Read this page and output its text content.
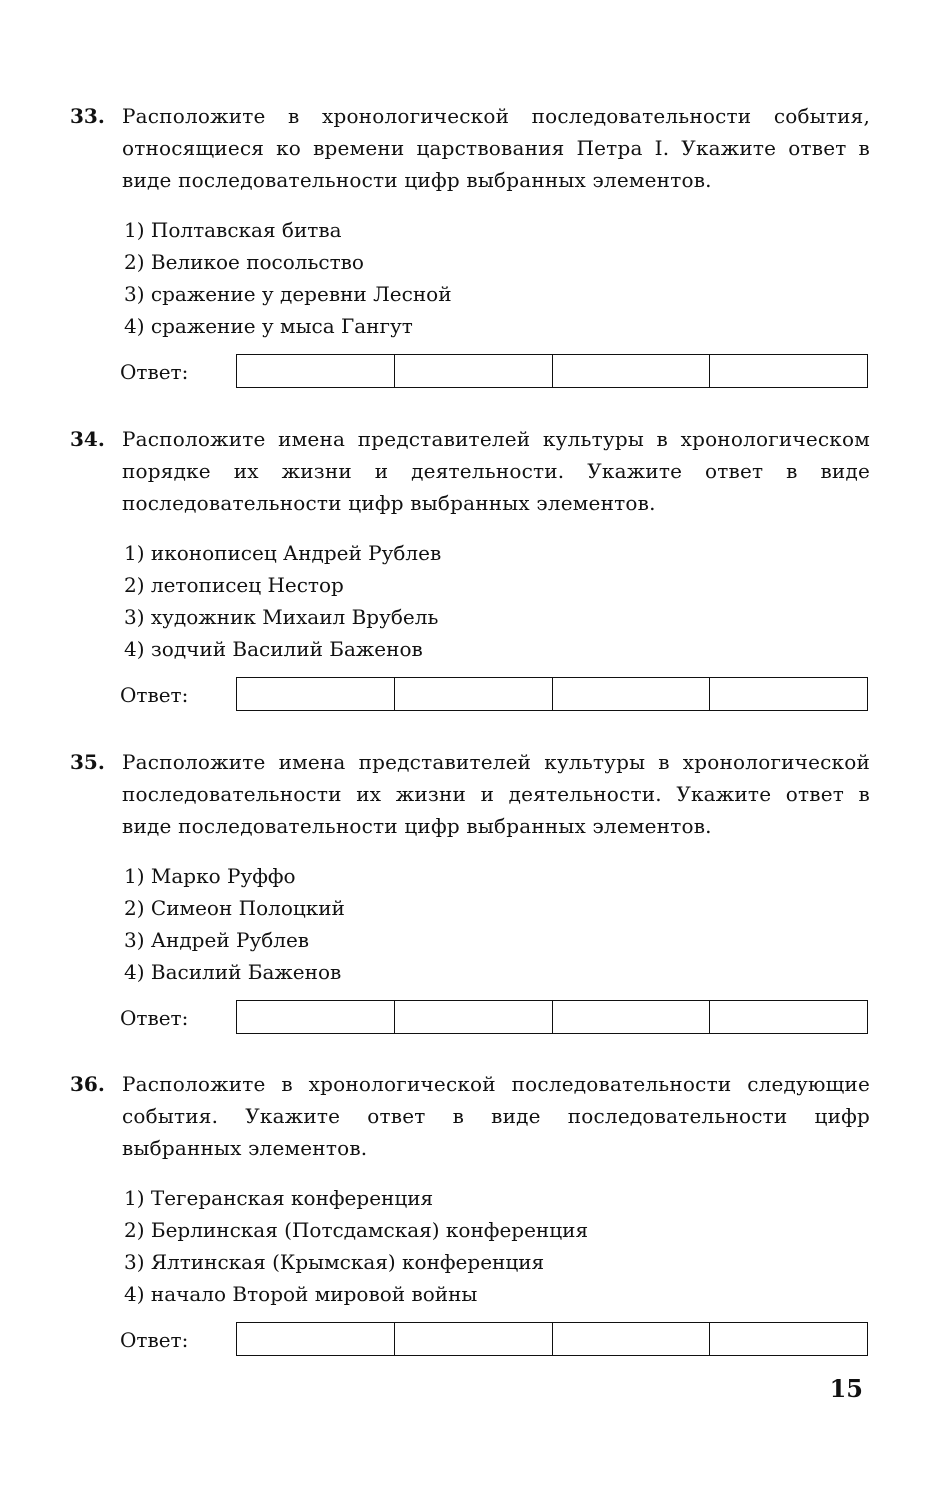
33. Расположите в хронологической последовательности события, относящиеся ко времени царствования Петра I. Укажите ответ в виде последовательности цифр выбранных элементов.
1) Полтавская битва
2) Великое посольство
3) сражение у деревни Лесной
4) сражение у мыса Гангут
Ответ:
34. Расположите имена представителей культуры в хронологическом порядке их жизни и деятельности. Укажите ответ в виде последовательности цифр выбранных элементов.
1) иконописец Андрей Рублев
2) летописец Нестор
3) художник Михаил Врубель
4) зодчий Василий Баженов
Ответ:
35. Расположите имена представителей культуры в хронологической последовательности их жизни и деятельности. Укажите ответ в виде последовательности цифр выбранных элементов.
1) Марко Руффо
2) Симеон Полоцкий
3) Андрей Рублев
4) Василий Баженов
Ответ:
36. Расположите в хронологической последовательности следующие события. Укажите ответ в виде последовательности цифр выбранных элементов.
1) Тегеранская конференция
2) Берлинская (Потсдамская) конференция
3) Ялтинская (Крымская) конференция
4) начало Второй мировой войны
Ответ:
15
